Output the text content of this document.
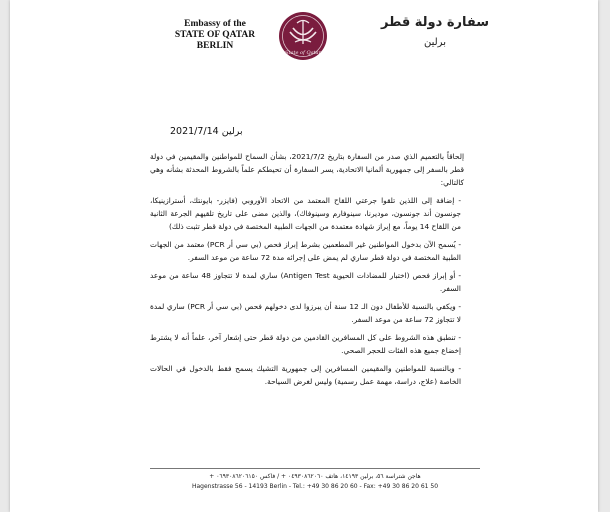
Embassy of the
STATE OF QATAR
BERLIN
State of Qatar
سفارة دولة قطر
برلين
برلين 2021/7/14

إلحاقاً بالتعميم الذي صدر من السفارة بتاريخ 2021/7/2، بشأن السماح للمواطنين والمقيمين في دولة قطر بالسفر إلى جمهورية ألمانيا الاتحادية، يسر السفارة أن تحيطكم علماً بالشروط المحدثة بشأنه وهي كالتالي:

- إضافة إلى اللذين تلقوا جرعتي اللقاح المعتمد من الاتحاد الأوروبي (فايزر- بايونتك، أسترازينيكا، جونسون أند جونسون، موديرنا، سينوفارم وسينوفاك)، والذين مضى على تاريخ تلقيهم الجرعة الثانية من اللقاح 14 يوماً، مع إبراز شهادة معتمدة من الجهات الطبية المختصة في دولة قطر تثبت ذلك)
- يُسمح الآن بدخول المواطنين غير المطعمين بشرط إبراز فحص (بي سي أر PCR) معتمد من الجهات الطبية المختصة في دولة قطر ساري لم يمض على إجرائه مدة 72 ساعة من موعد السفر.
- أو إبراز فحص (اختبار للمضادات الحيوية Antigen Test) ساري لمدة لا تتجاوز 48 ساعة من موعد السفر.
- ويكفي بالنسبة للأطفال دون الـ 12 سنة أن يبرزوا لدى دخولهم فحص (بي سي أر PCR) ساري لمدة لا تتجاوز 72 ساعة من موعد السفر.
- تنطبق هذه الشروط على كل المسافرين القادمين من دولة قطر حتى إشعار آخر، علماً أنه لا يشترط إخضاع جميع هذه الفئات للحجر الصحي.
- وبالنسبة للمواطنين والمقيمين المسافرين إلى جمهورية التشيك يسمح فقط بالدخول في الحالات الخاصة (علاج، دراسة، مهمة عمل رسمية) وليس لغرض السياحة.
هاجن شتراسة ٥٦، برلين ١٤١٩٣، هاتف ٠٤٩٣٠٨٦٢٠٦٠ + / فاكس ٠٦٩٣٠٨٦٢٠٦١٥٠ +
Hagenstrasse 56 - 14193 Berlin - Tel.: +49 30 86 20 60 - Fax: +49 30 86 20 61 50
